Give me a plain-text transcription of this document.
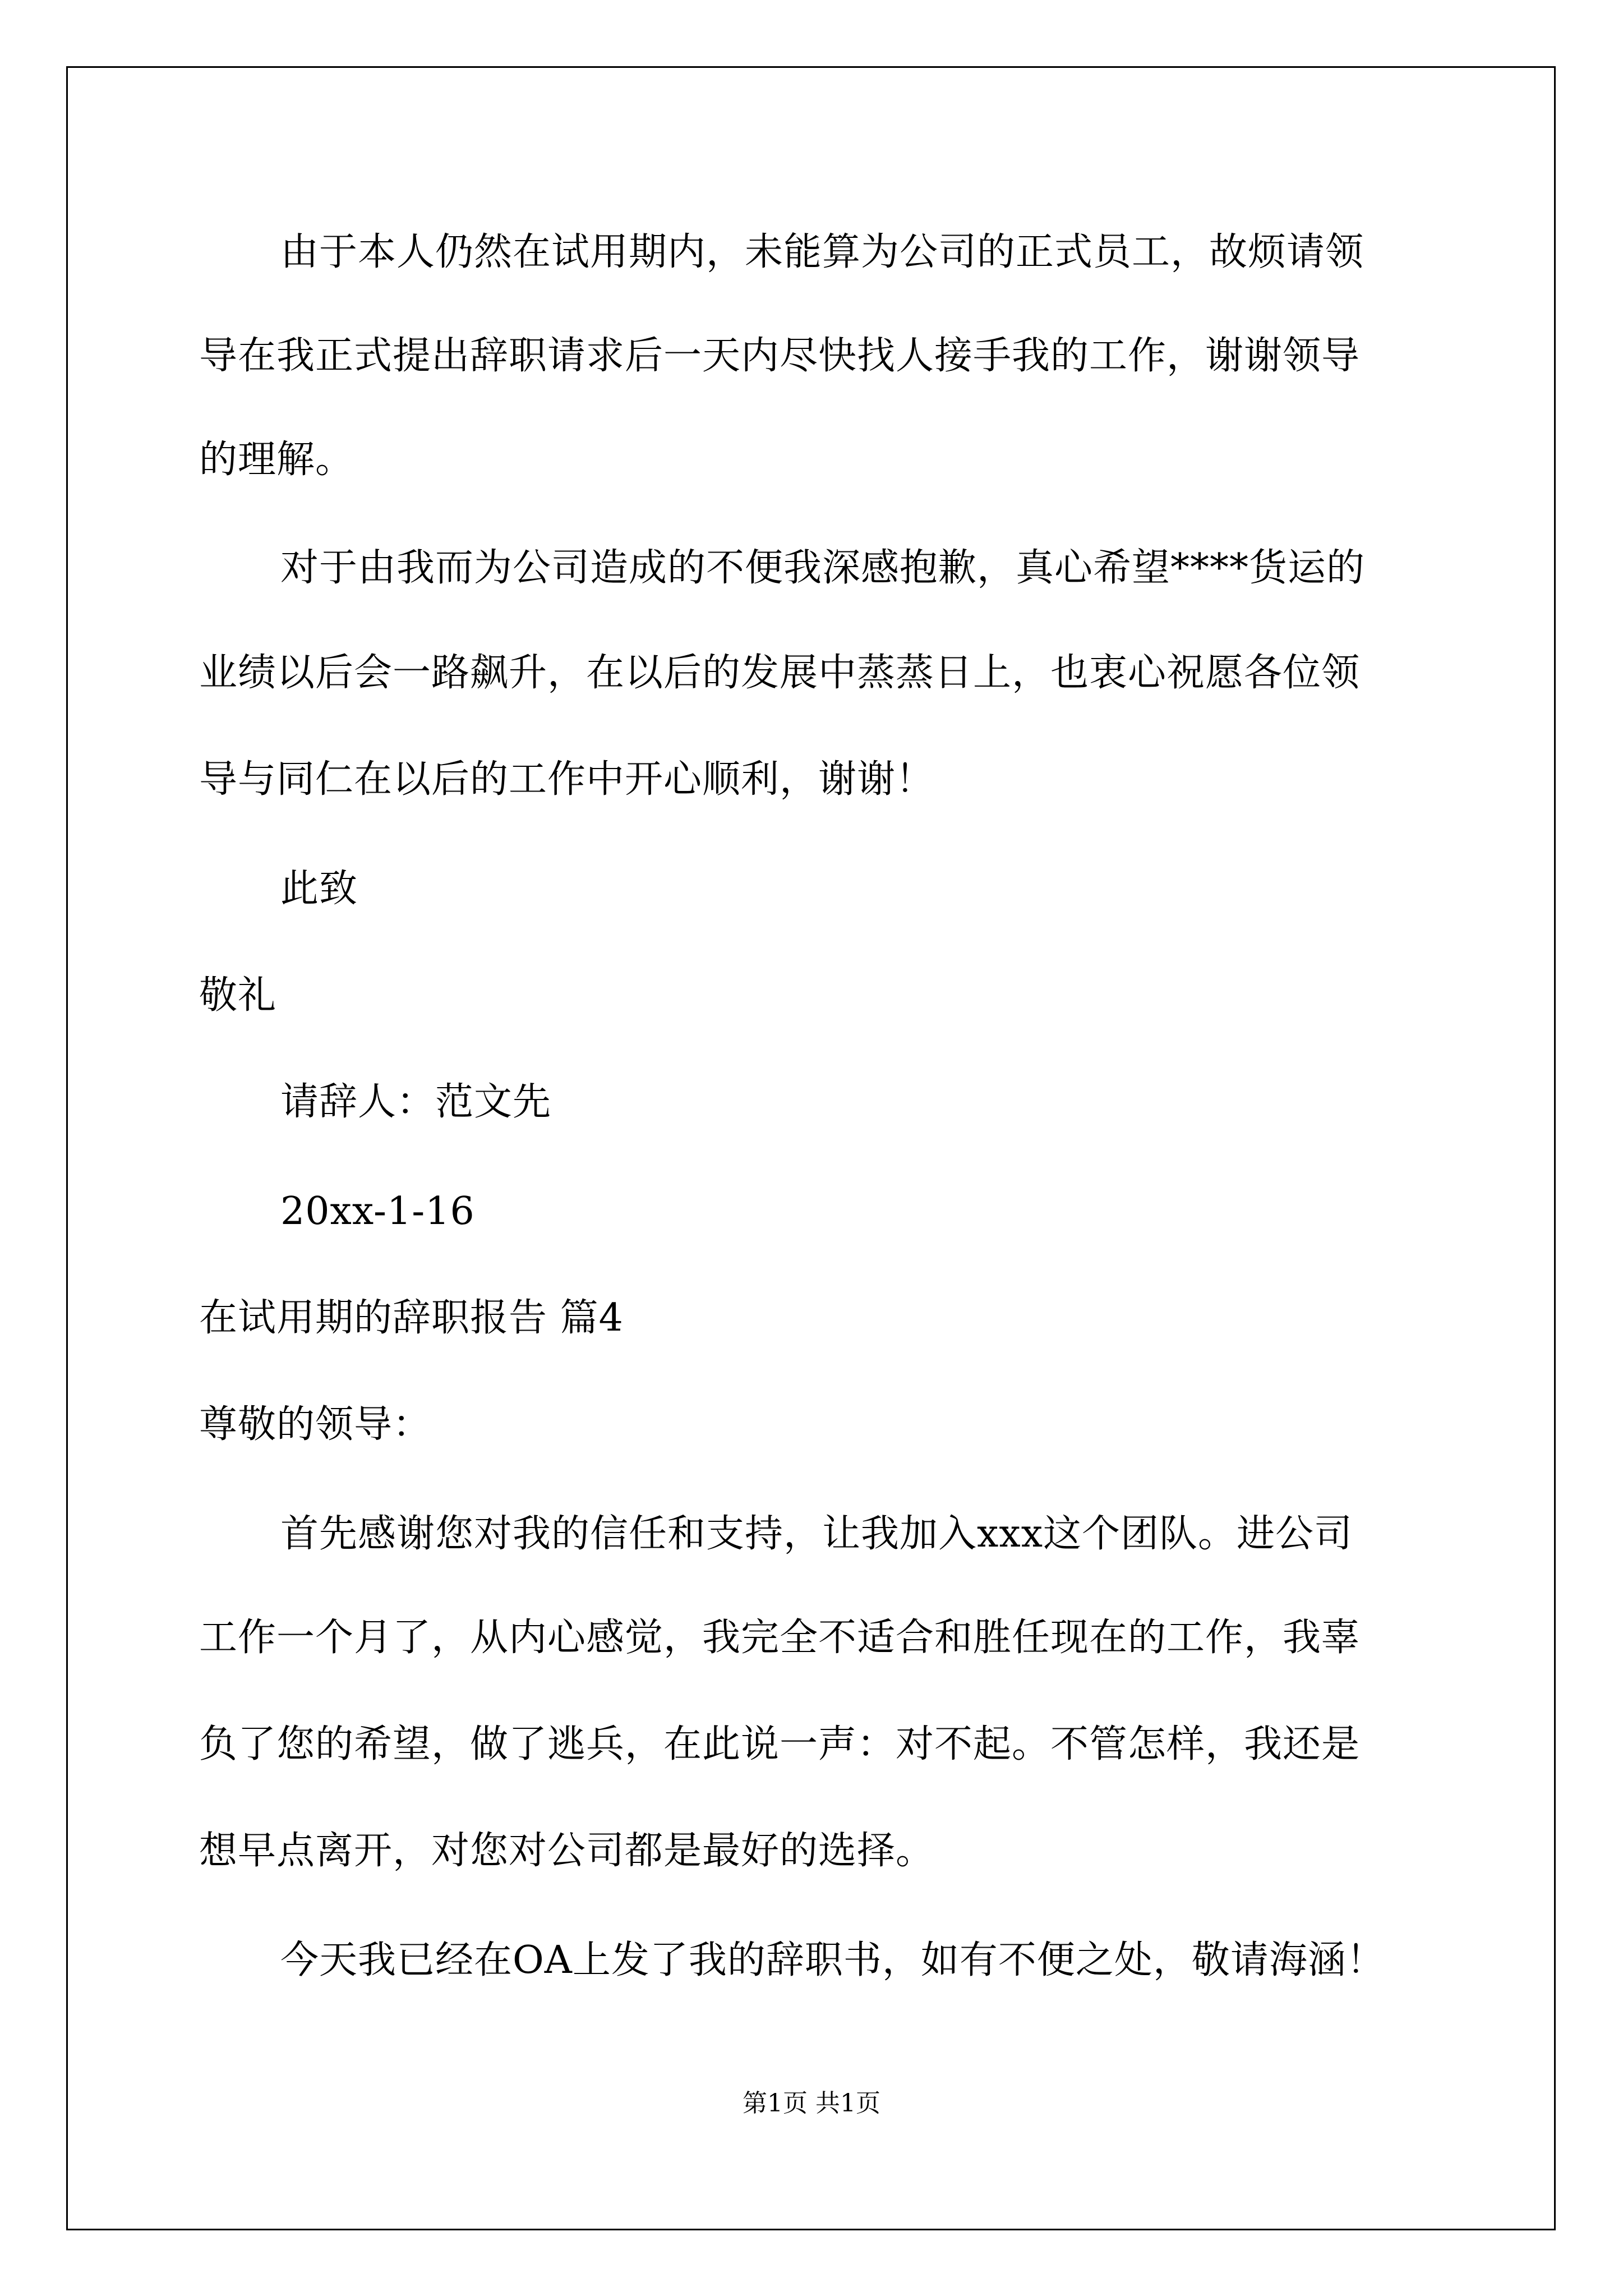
由于本人仍然在试用期内，未能算为公司的正式员工，故烦请领
导在我正式提出辞职请求后一天内尽快找人接手我的工作，谢谢领导
的理解。
对于由我而为公司造成的不便我深感抱歉，真心希望****货运的
业绩以后会一路飙升，在以后的发展中蒸蒸日上，也衷心祝愿各位领
导与同仁在以后的工作中开心顺利，谢谢！
此致
敬礼
请辞人：范文先
20xx-1-16
在试用期的辞职报告 篇4
尊敬的领导：
首先感谢您对我的信任和支持，让我加入xxx这个团队。进公司
工作一个月了，从内心感觉，我完全不适合和胜任现在的工作，我辜
负了您的希望，做了逃兵，在此说一声：对不起。不管怎样，我还是
想早点离开，对您对公司都是最好的选择。
今天我已经在OA上发了我的辞职书，如有不便之处，敬请海涵！
第1页 共1页
